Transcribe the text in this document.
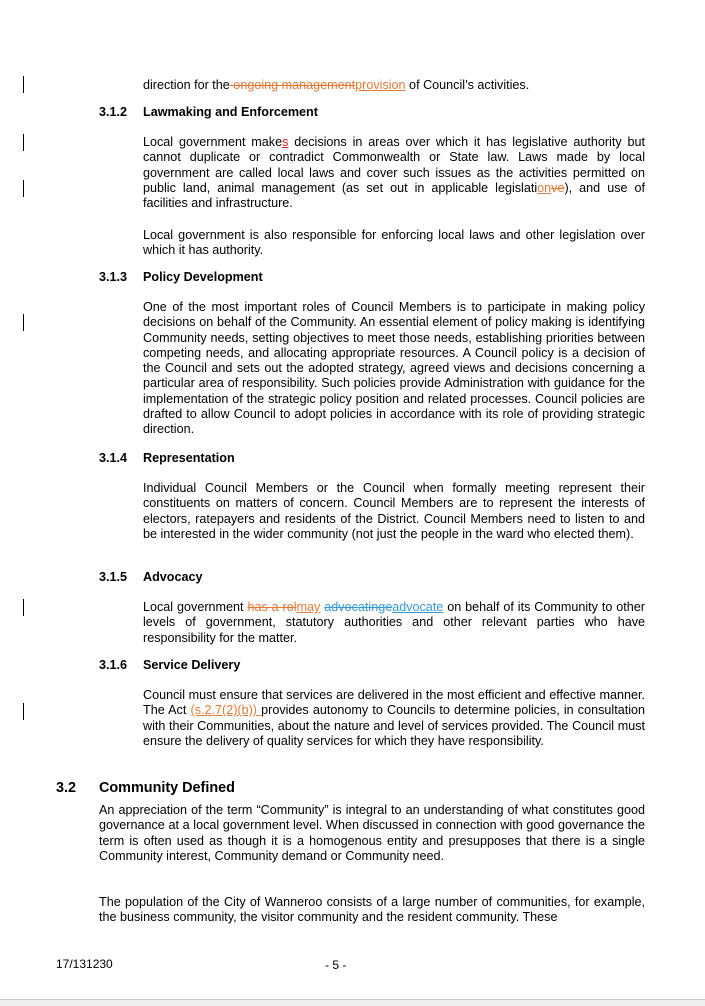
direction for the ongoing managementprovision of Council’s activities.
3.1.2 Lawmaking and Enforcement
Local government makes decisions in areas over which it has legislative authority but cannot duplicate or contradict Commonwealth or State law. Laws made by local government are called local laws and cover such issues as the activities permitted on public land, animal management (as set out in applicable legislationve), and use of facilities and infrastructure.
Local government is also responsible for enforcing local laws and other legislation over which it has authority.
3.1.3 Policy Development
One of the most important roles of Council Members is to participate in making policy decisions on behalf of the Community. An essential element of policy making is identifying Community needs, setting objectives to meet those needs, establishing priorities between competing needs, and allocating appropriate resources. A Council policy is a decision of the Council and sets out the adopted strategy, agreed views and decisions concerning a particular area of responsibility. Such policies provide Administration with guidance for the implementation of the strategic policy position and related processes. Council policies are drafted to allow Council to adopt policies in accordance with its role of providing strategic direction.
3.1.4 Representation
Individual Council Members or the Council when formally meeting represent their constituents on matters of concern. Council Members are to represent the interests of electors, ratepayers and residents of the District. Council Members need to listen to and be interested in the wider community (not just the people in the ward who elected them).
3.1.5 Advocacy
Local government has a rolmay advocatingeadvocate on behalf of its Community to other levels of government, statutory authorities and other relevant parties who have responsibility for the matter.
3.1.6 Service Delivery
Council must ensure that services are delivered in the most efficient and effective manner. The Act (s.2.7(2)(b)) provides autonomy to Councils to determine policies, in consultation with their Communities, about the nature and level of services provided. The Council must ensure the delivery of quality services for which they have responsibility.
3.2 Community Defined
An appreciation of the term “Community” is integral to an understanding of what constitutes good governance at a local government level. When discussed in connection with good governance the term is often used as though it is a homogenous entity and presupposes that there is a single Community interest, Community demand or Community need.
The population of the City of Wanneroo consists of a large number of communities, for example, the business community, the visitor community and the resident community. These
17/131230	- 5 -
